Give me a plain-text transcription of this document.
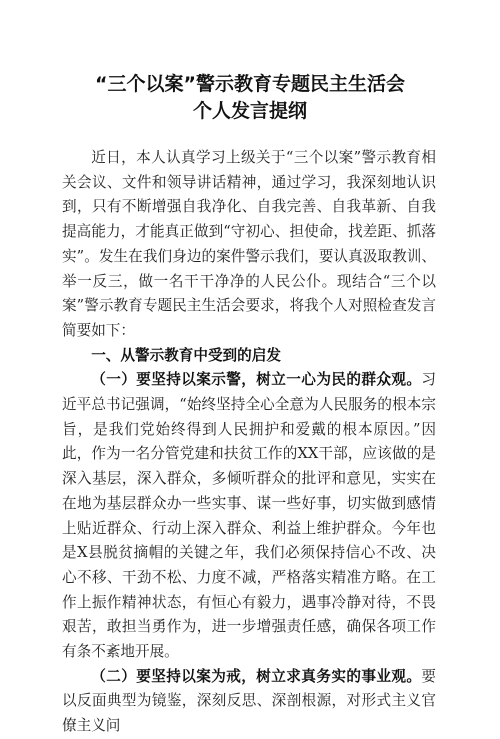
“三个以案”警示教育专题民主生活会
个人发言提纲

近日，本人认真学习上级关于“三个以案”警示教育相关会议、文件和领导讲话精神，通过学习，我深刻地认识到，只有不断增强自我净化、自我完善、自我革新、自我提高能力，才能真正做到“守初心、担使命，找差距、抓落实”。发生在我们身边的案件警示我们，要认真汲取教训、举一反三，做一名干干净净的人民公仆。现结合“三个以案”警示教育专题民主生活会要求，将我个人对照检查发言简要如下：

一、从警示教育中受到的启发

（一）要坚持以案示警，树立一心为民的群众观。习近平总书记强调，“始终坚持全心全意为人民服务的根本宗旨，是我们党始终得到人民拥护和爱戴的根本原因。”因此，作为一名分管党建和扶贫工作的XX干部，应该做的是深入基层，深入群众，多倾听群众的批评和意见，实实在在地为基层群众办一些实事、谋一些好事，切实做到感情上贴近群众、行动上深入群众、利益上维护群众。今年也是X县脱贫摘帽的关键之年，我们必须保持信心不改、决心不移、干劲不松、力度不减，严格落实精准方略。在工作上振作精神状态，有恒心有毅力，遇事冷静对待，不畏艰苦，敢担当勇作为，进一步增强责任感，确保各项工作有条不紊地开展。

（二）要坚持以案为戒，树立求真务实的事业观。要以反面典型为镜鉴，深刻反思、深剖根源，对形式主义官僚主义问
